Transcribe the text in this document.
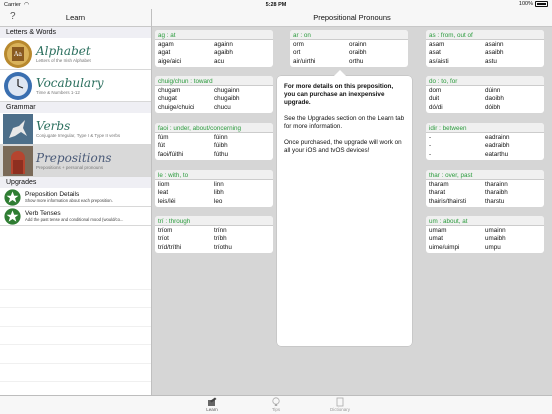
Carrier ◠	5:28 PM	100%
?	Learn
Letters & Words
Aa Alphabet
Letters of the Irish Alphabet
Vocabulary
Time & Numbers 1-12
Grammar
Verbs
Conjugate Irregular, Type I & Type II verbs
Prepositions
Prepositions + personal pronouns
Upgrades
Preposition Details
Show more information about each preposition.
Verb Tenses
Add the past tense and conditional mood (would/co...
Prepositional Pronouns
ag : at
agam	againn
agat	agaibh
aige/aici	acu
ar : on
orm	orainn
ort	oraibh
air/uirthi	orthu
as : from, out of
asam	asainn
asat	asaibh
as/aisti	astu
chuig/chun : toward
chugam	chugainn
chugat	chugaibh
chuige/chuici	chucu
do : to, for
dom	dúinn
duit	daoibh
dó/di	dóibh
faoi : under, about/concerning
fúm	fúinn
fút	fúibh
faoi/fúithi	fúthu
idir : between
-	eadrainn
-	eadraibh
-	eatarthu
le : with, to
liom	linn
leat	libh
leis/léi	leo
thar : over, past
tharam	tharainn
tharat	tharaibh
thairis/thairsti	tharstu
trí : through
tríom	trínn
tríot	tríbh
tríd/tríthi	tríothu
um : about, at
umam	umainn
umat	umaibh
uime/uimpi	umpu

For more details on this preposition, you can purchase an inexpensive upgrade.

See the Upgrades section on the Learn tab for more information.

Once purchased, the upgrade will work on all your iOS and tvOS devices!

Learn	Tips	Dictionary
